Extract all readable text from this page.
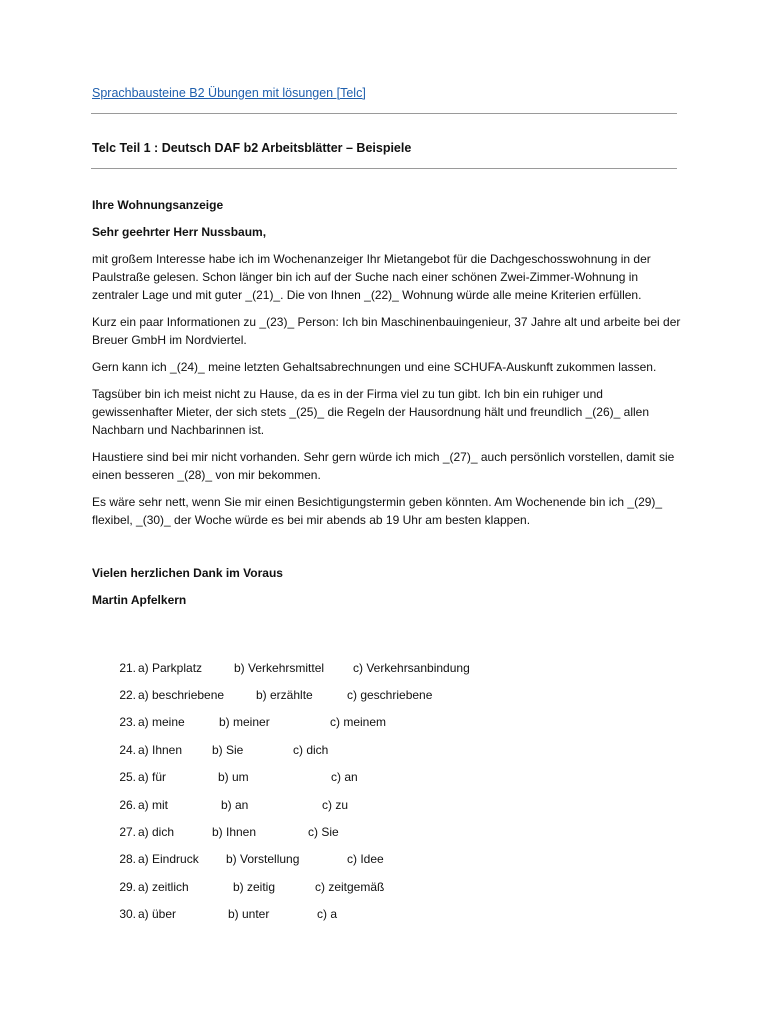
Sprachbausteine B2 Übungen mit lösungen [Telc]
Telc Teil 1 : Deutsch DAF b2 Arbeitsblätter – Beispiele

Ihre Wohnungsanzeige

Sehr geehrter Herr Nussbaum,

mit großem Interesse habe ich im Wochenanzeiger Ihr Mietangebot für die Dachgeschosswohnung in der Paulstraße gelesen. Schon länger bin ich auf der Suche nach einer schönen Zwei-Zimmer-Wohnung in zentraler Lage und mit guter _(21)_. Die von Ihnen _(22)_ Wohnung würde alle meine Kriterien erfüllen.

Kurz ein paar Informationen zu _(23)_ Person: Ich bin Maschinenbauingenieur, 37 Jahre alt und arbeite bei der Breuer GmbH im Nordviertel.

Gern kann ich _(24)_ meine letzten Gehaltsabrechnungen und eine SCHUFA-Auskunft zukommen lassen.

Tagsüber bin ich meist nicht zu Hause, da es in der Firma viel zu tun gibt. Ich bin ein ruhiger und gewissenhafter Mieter, der sich stets _(25)_ die Regeln der Hausordnung hält und freundlich _(26)_ allen Nachbarn und Nachbarinnen ist.

Haustiere sind bei mir nicht vorhanden. Sehr gern würde ich mich _(27)_ auch persönlich vorstellen, damit sie einen besseren _(28)_ von mir bekommen.

Es wäre sehr nett, wenn Sie mir einen Besichtigungstermin geben könnten. Am Wochenende bin ich _(29)_ flexibel, _(30)_ der Woche würde es bei mir abends ab 19 Uhr am besten klappen.

Vielen herzlichen Dank im Voraus

Martin Apfelkern

21. a) Parkplatz	b) Verkehrsmittel	c) Verkehrsanbindung
22. a) beschriebene	b) erzählte	c) geschriebene
23. a) meine	b) meiner	c) meinem
24. a) Ihnen	b) Sie	c) dich
25. a) für	b) um	c) an
26. a) mit	b) an	c) zu
27. a) dich	b) Ihnen	c) Sie
28. a) Eindruck	b) Vorstellung	c) Idee
29. a) zeitlich	b) zeitig	c) zeitgemäß
30. a) über	b) unter	c) a
